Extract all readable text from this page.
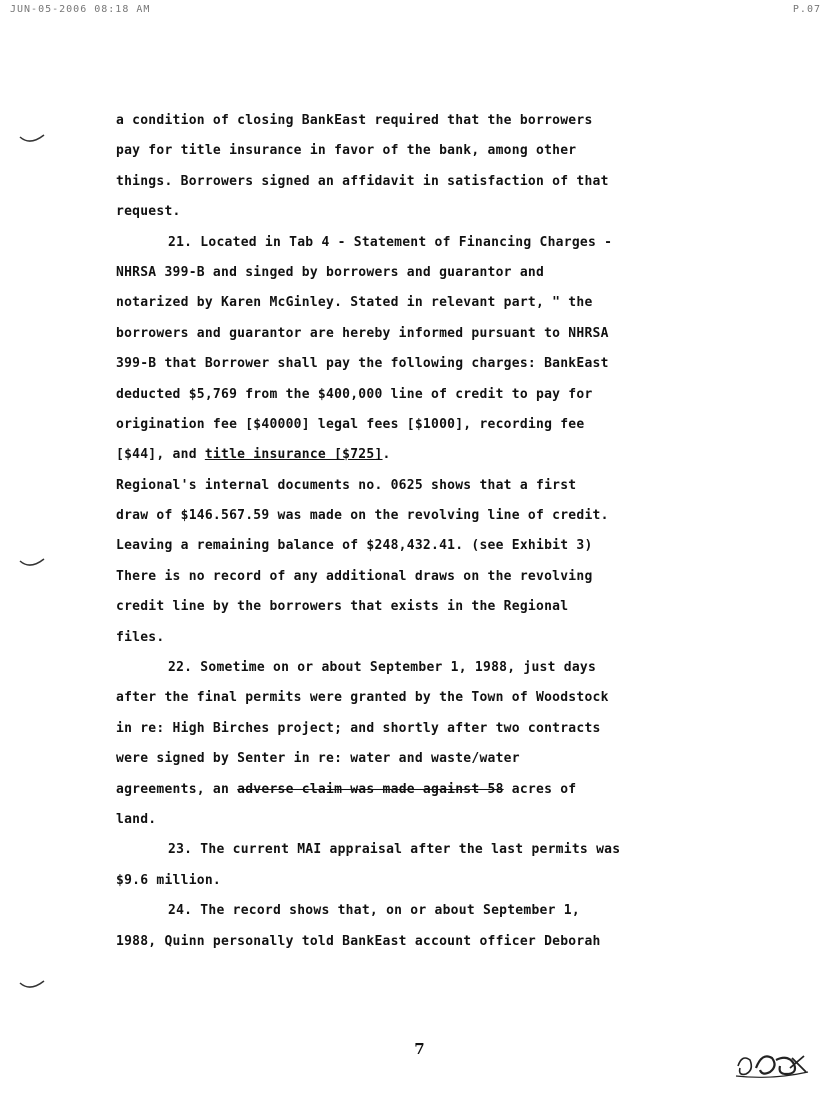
JUN-05-2006 08:18 AM	P.07
a condition of closing BankEast required that the borrowers
pay for title insurance in favor of the bank, among other
things. Borrowers signed an affidavit in satisfaction of that
request.
21. Located in Tab 4 - Statement of Financing Charges -
NHRSA 399-B and singed by borrowers and guarantor and
notarized by Karen McGinley. Stated in relevant part, " the
borrowers and guarantor are hereby informed pursuant to NHRSA
399-B that Borrower shall pay the following charges: BankEast
deducted $5,769 from the $400,000 line of credit to pay for
origination fee [$40000] legal fees [$1000], recording fee
[$44], and title insurance [$725].
Regional's internal documents no. 0625 shows that a first
draw of $146.567.59 was made on the revolving line of credit.
Leaving a remaining balance of $248,432.41. (see Exhibit 3)
There is no record of any additional draws on the revolving
credit line by the borrowers that exists in the Regional
files.
22. Sometime on or about September 1, 1988, just days
after the final permits were granted by the Town of Woodstock
in re: High Birches project; and shortly after two contracts
were signed by Senter in re: water and waste/water
agreements, an adverse claim was made against 58 acres of
land.
23. The current MAI appraisal after the last permits was
$9.6 million.
24. The record shows that, on or about September 1,
1988, Quinn personally told BankEast account officer Deborah
7
